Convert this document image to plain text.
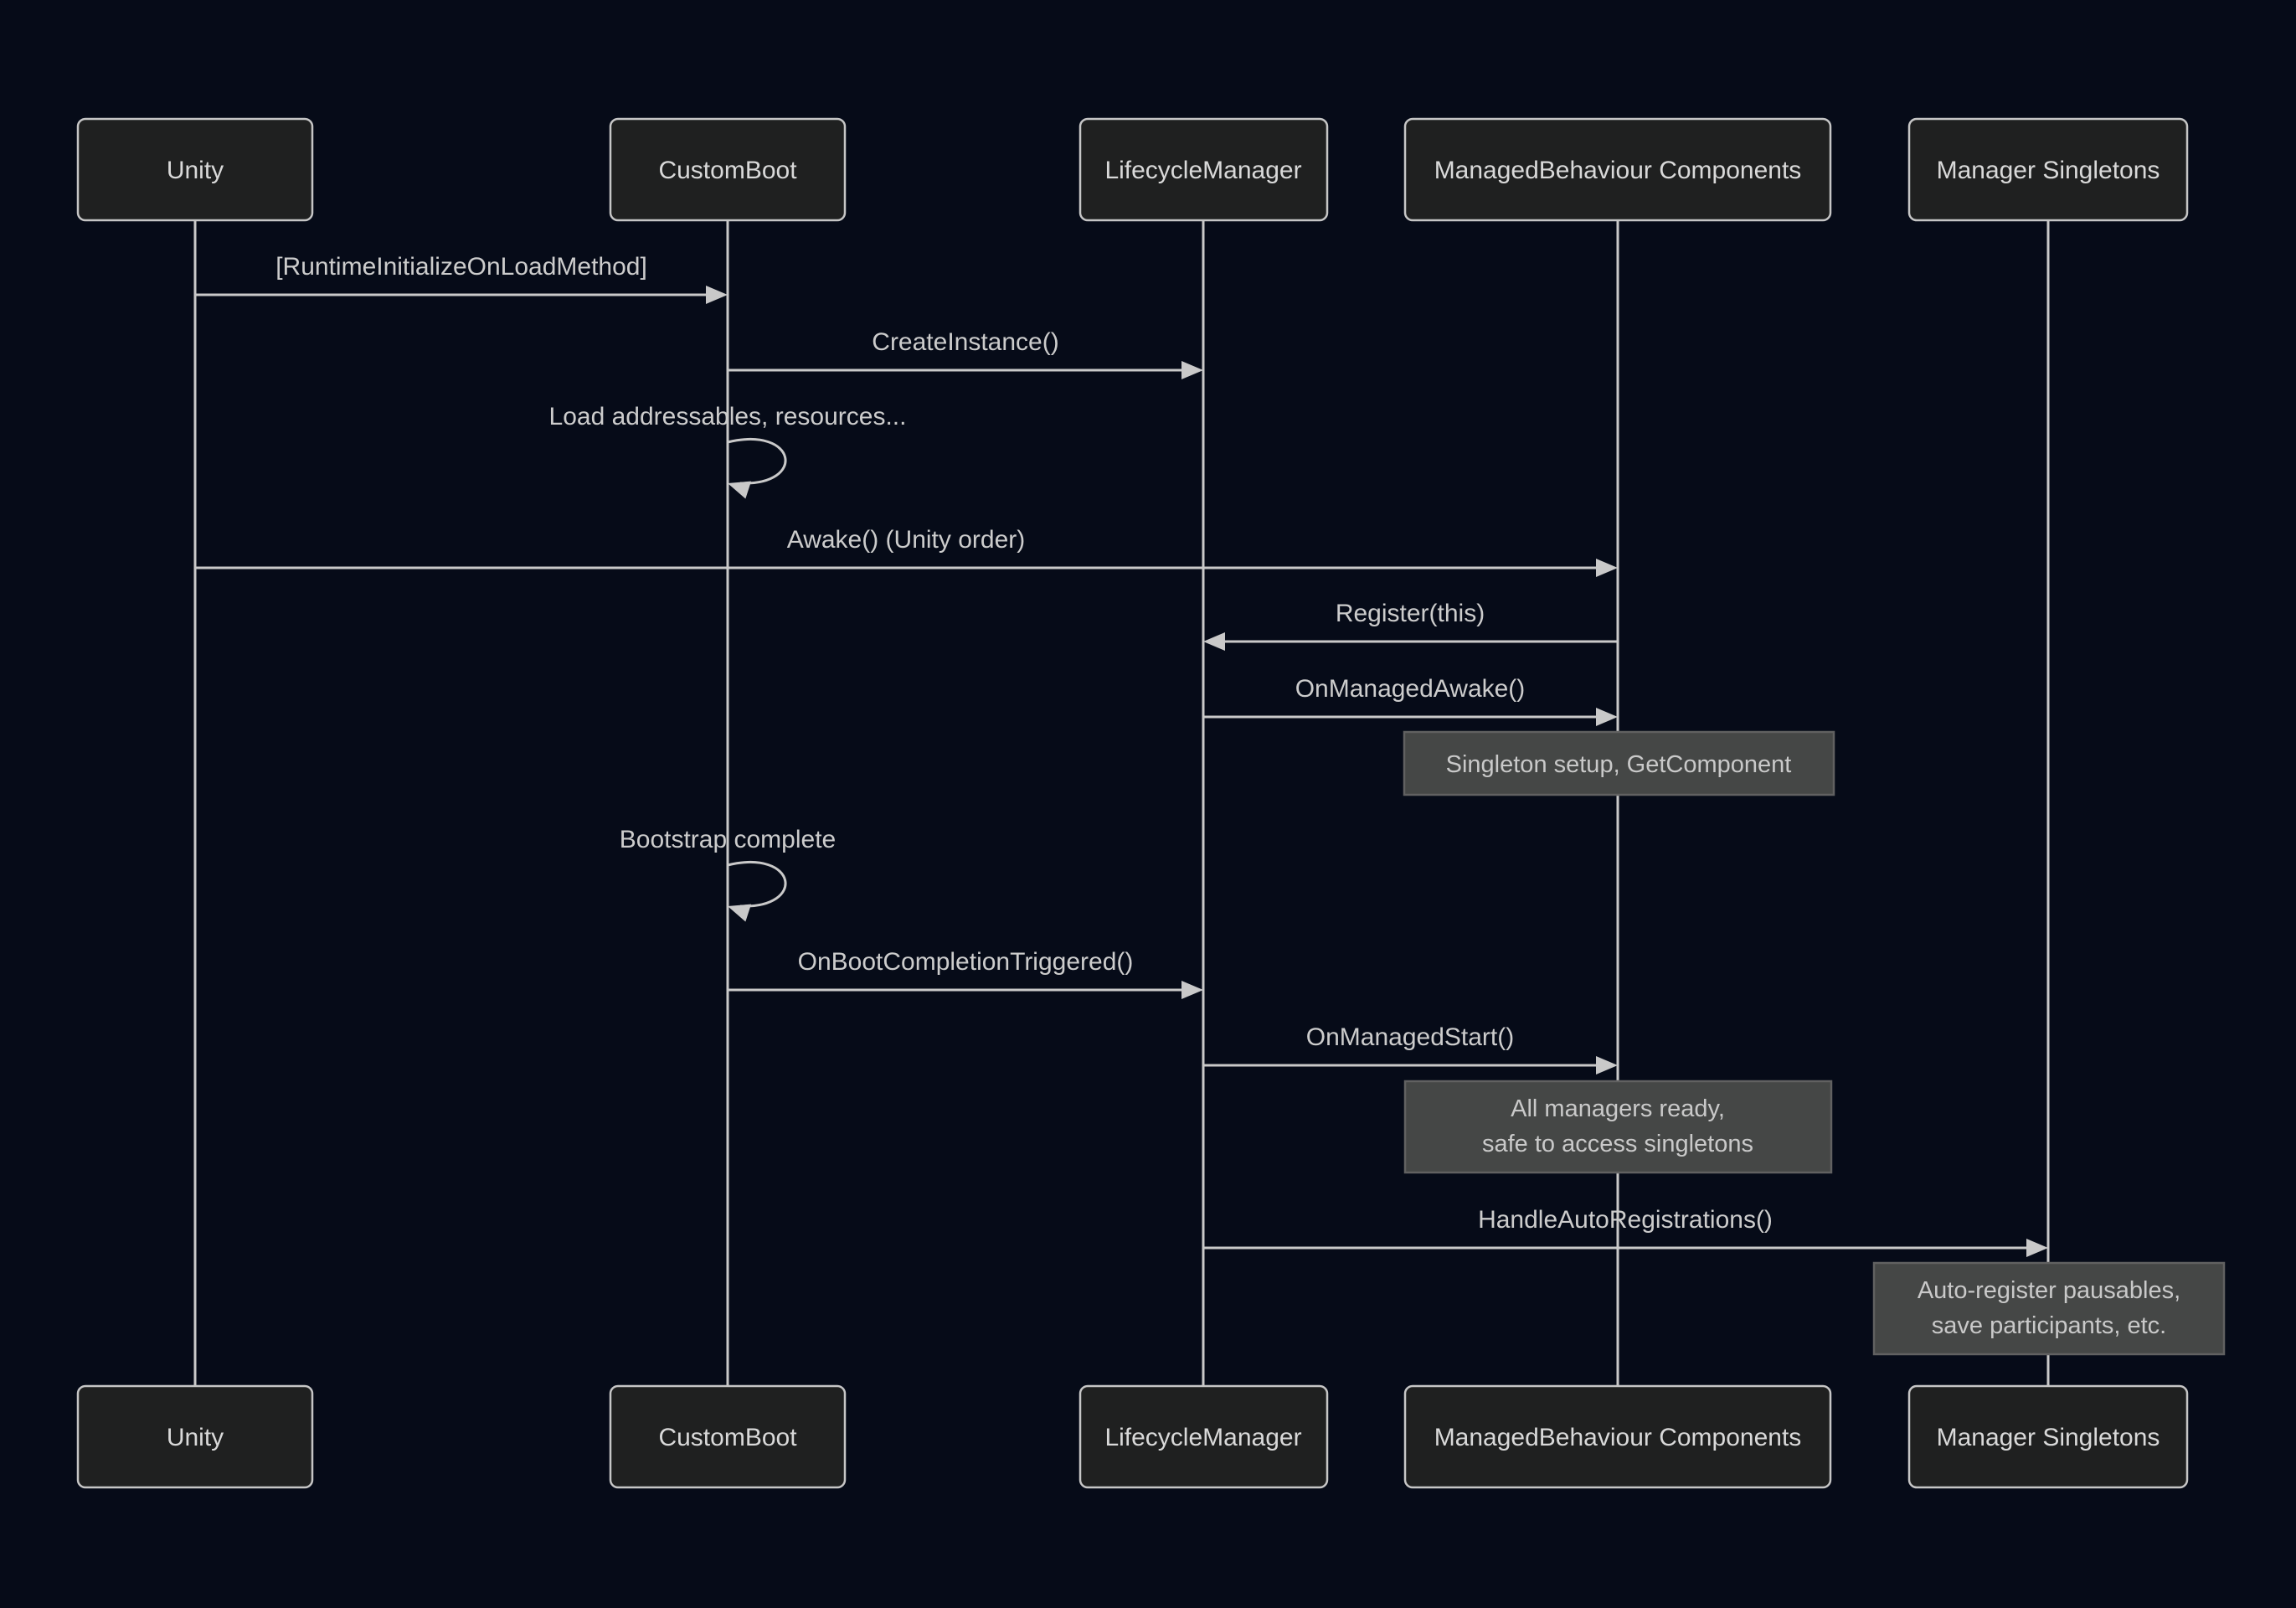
[RuntimeInitializeOnLoadMethod]
CreateInstance()
Load addressables, resources...
Awake() (Unity order)
Register(this)
OnManagedAwake()
Singleton setup, GetComponent
Bootstrap complete
OnBootCompletionTriggered()
OnManagedStart()
All managers ready,
safe to access singletons
HandleAutoRegistrations()
Auto-register pausables,
save participants, etc.
Unity	CustomBoot	LifecycleManager	ManagedBehaviour Components	Manager Singletons
Unity	CustomBoot	LifecycleManager	ManagedBehaviour Components	Manager Singletons
